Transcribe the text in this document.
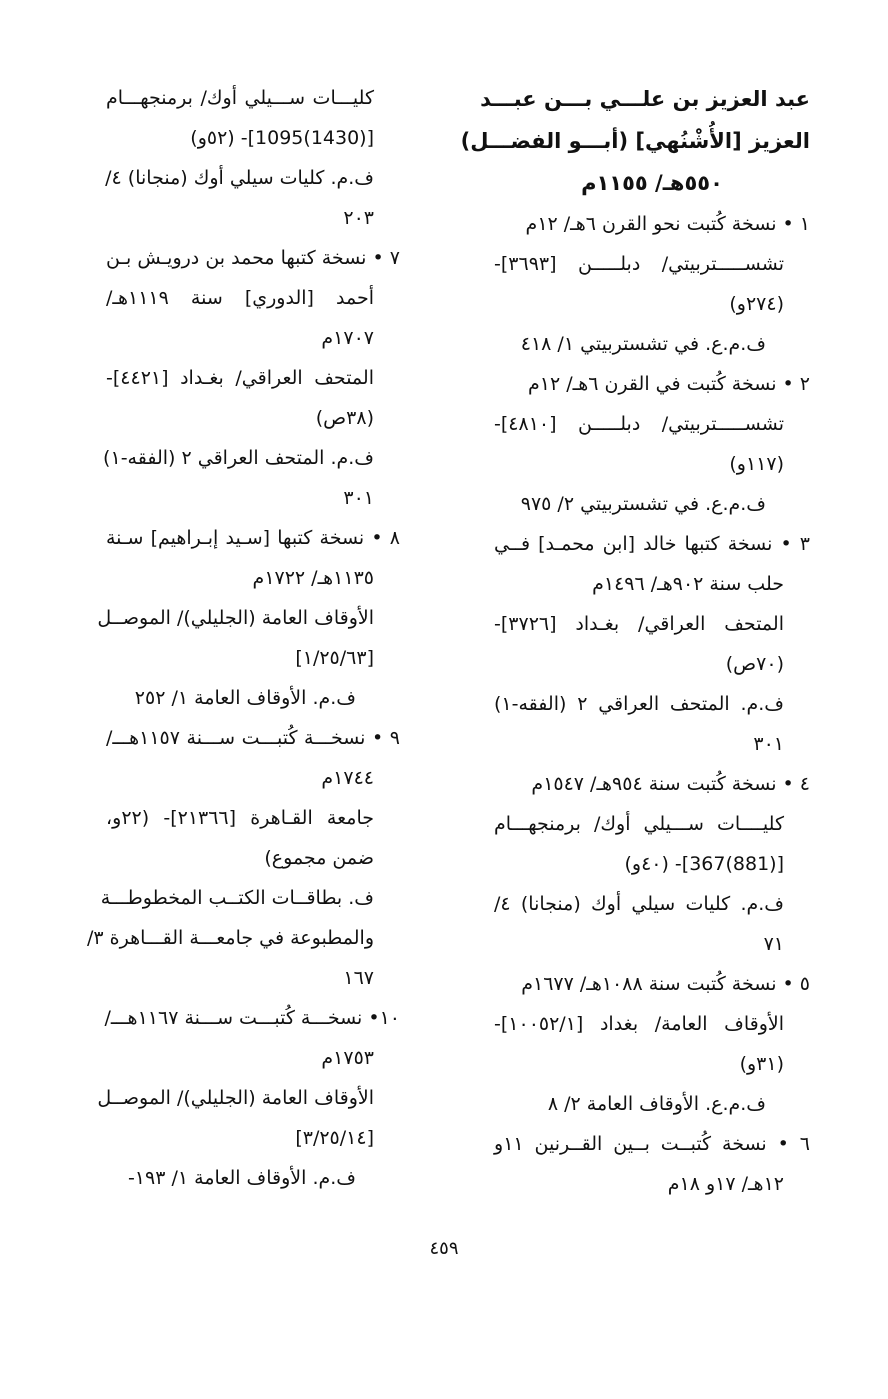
عبد العزيز بن علـــي بـــن عبـــد
العزيز [الأُشْنُهي] (أبـــو الفضـــل)
٥٥٠هـ/ ١١٥٥م
١ • نسخة كُتبت نحو القرن ٦هـ/ ١٢م
تشســـــتربيتي/ دبلـــــن [٣٦٩٣]-
(٢٧٤و)
ف.م.ع. في تشستربيتي ١/ ٤١٨
٢ • نسخة كُتبت في القرن ٦هـ/ ١٢م
تشســـــتربيتي/ دبلـــــن [٤٨١٠]-
(١١٧و)
ف.م.ع. في تشستربيتي ٢/ ٩٧٥
٣ • نسخة كتبها خالد [ابن محمـد] فــي
حلب سنة ٩٠٢هـ/ ١٤٩٦م
المتحف العراقي/ بغـداد [٣٧٢٦]-
(٧٠ص)
ف.م. المتحف العراقي ٢ (الفقه-١)
٣٠١
٤ • نسخة كُتبت سنة ٩٥٤هـ/ ١٥٤٧م
كليــــات ســـيلي أوك/ برمنجهـــام
[(881)367]- (٤٠و)
ف.م. كليات سيلي أوك (منجانا) ٤/
٧١
٥ • نسخة كُتبت سنة ١٠٨٨هـ/ ١٦٧٧م
الأوقاف العامة/ بغداد [١٠٠٥٢/١]-
(٣١و)
ف.م.ع. الأوقاف العامة ٢/ ٨
٦ • نسخة كُتبــت بــين القــرنين ١١و
١٢هـ/ ١٧و ١٨م
كليـــات ســـيلي أوك/ برمنجهـــام
[(1430)1095]- (٥٢و)
ف.م. كليات سيلي أوك (منجانا) ٤/
٢٠٣
٧ • نسخة كتبها محمد بن درويـش بـن
أحمد [الدوري] سنة ١١١٩هـ/
١٧٠٧م
المتحف العراقي/ بغـداد [٤٤٢١]-
(٣٨ص)
ف.م. المتحف العراقي ٢ (الفقه-١)
٣٠١
٨ • نسخة كتبها [سـيد إبـراهيم] سـنة
١١٣٥هـ/ ١٧٢٢م
الأوقاف العامة (الجليلي)/ الموصــل
[١/٢٥/٦٣]
ف.م. الأوقاف العامة ١/ ٢٥٢
٩ • نسخـــة كُتبـــت ســـنة ١١٥٧هـــ/
١٧٤٤م
جامعة القـاهرة [٢١٣٦٦]- (٢٢و،
ضمن مجموع)
ف. بطاقــات الكتــب المخطوطـــة
والمطبوعة في جامعـــة القـــاهرة ٣/
١٦٧
١٠• نسخـــة كُتبـــت ســـنة ١١٦٧هـــ/
١٧٥٣م
الأوقاف العامة (الجليلي)/ الموصــل
[٣/٢٥/١٤]
ف.م. الأوقاف العامة ١/ ١٩٣-
٤٥٩
